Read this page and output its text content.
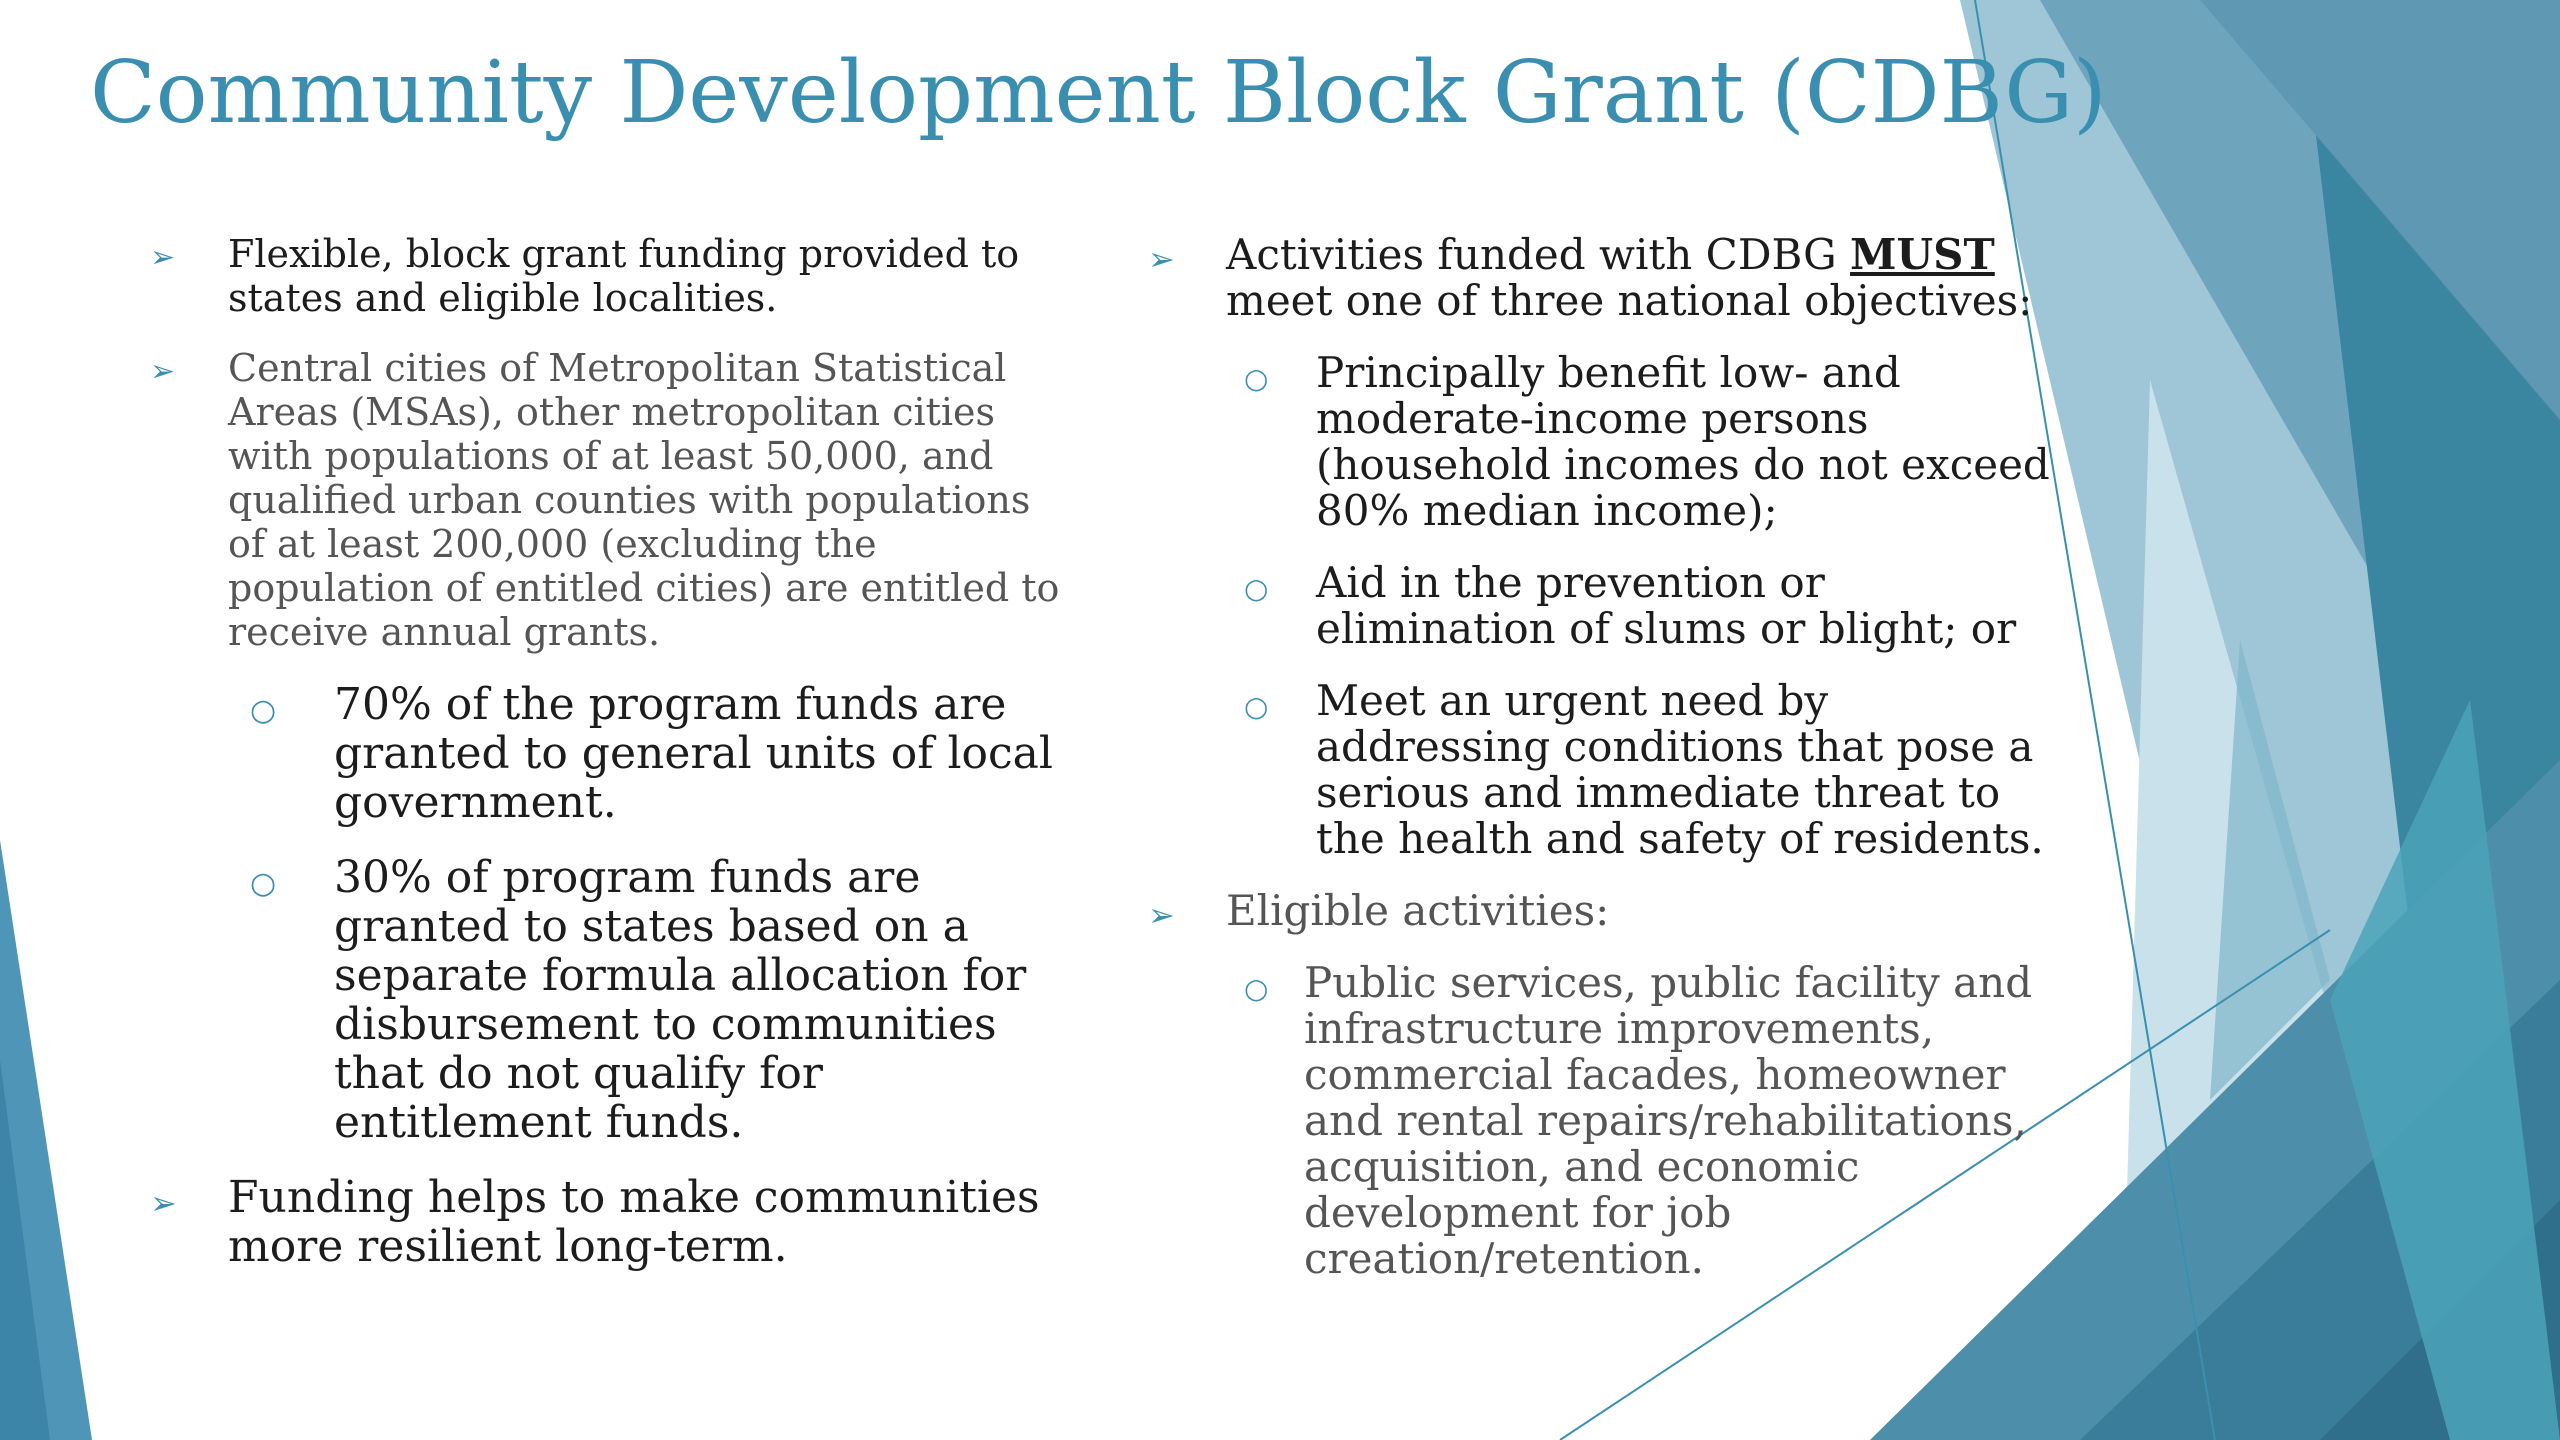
Community Development Block Grant (CDBG)
➢ Flexible, block grant funding provided to states and eligible localities.
➢ Central cities of Metropolitan Statistical Areas (MSAs), other metropolitan cities with populations of at least 50,000, and qualified urban counties with populations of at least 200,000 (excluding the population of entitled cities) are entitled to receive annual grants.
○ 70% of the program funds are granted to general units of local government.
○ 30% of program funds are granted to states based on a separate formula allocation for disbursement to communities that do not qualify for entitlement funds.
➢ Funding helps to make communities more resilient long-term.
➢ Activities funded with CDBG MUST
meet one of three national objectives:
○ Principally benefit low- and moderate-income persons (household incomes do not exceed 80% median income);
○ Aid in the prevention or elimination of slums or blight; or
○ Meet an urgent need by addressing conditions that pose a serious and immediate threat to the health and safety of residents.
➢ Eligible activities:
○ Public services, public facility and infrastructure improvements, commercial facades, homeowner and rental repairs/rehabilitations, acquisition, and economic development for job creation/retention.
